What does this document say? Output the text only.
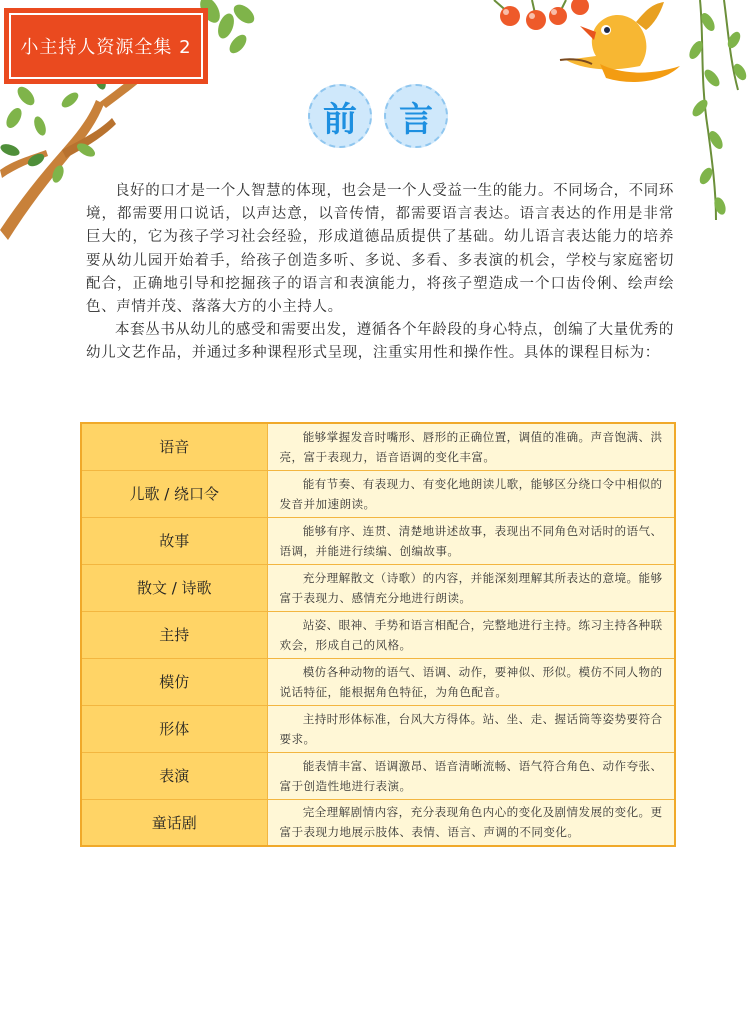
小主持人资源全集 2
前	言

良好的口才是一个人智慧的体现，也会是一个人受益一生的能力。不同场合，不同环境，都需要用口说话，以声达意，以音传情，都需要语言表达。语言表达的作用是非常巨大的，它为孩子学习社会经验，形成道德品质提供了基础。幼儿语言表达能力的培养要从幼儿园开始着手，给孩子创造多听、多说、多看、多表演的机会，学校与家庭密切配合，正确地引导和挖掘孩子的语言和表演能力，将孩子塑造成一个口齿伶俐、绘声绘色、声情并茂、落落大方的小主持人。

本套丛书从幼儿的感受和需要出发，遵循各个年龄段的身心特点，创编了大量优秀的幼儿文艺作品，并通过多种课程形式呈现，注重实用性和操作性。具体的课程目标为：

语音	能够掌握发音时嘴形、唇形的正确位置，调值的准确。声音饱满、洪亮，富于表现力，语音语调的变化丰富。
儿歌 / 绕口令	能有节奏、有表现力、有变化地朗读儿歌，能够区分绕口令中相似的发音并加速朗读。
故事	能够有序、连贯、清楚地讲述故事，表现出不同角色对话时的语气、语调，并能进行续编、创编故事。
散文 / 诗歌	充分理解散文（诗歌）的内容，并能深刻理解其所表达的意境。能够富于表现力、感情充分地进行朗读。
主持	站姿、眼神、手势和语言相配合，完整地进行主持。练习主持各种联欢会，形成自己的风格。
模仿	模仿各种动物的语气、语调、动作，要神似、形似。模仿不同人物的说话特征，能根据角色特征，为角色配音。
形体	主持时形体标准，台风大方得体。站、坐、走、握话筒等姿势要符合要求。
表演	能表情丰富、语调激昂、语音清晰流畅、语气符合角色、动作夸张、富于创造性地进行表演。
童话剧	完全理解剧情内容，充分表现角色内心的变化及剧情发展的变化。更富于表现力地展示肢体、表情、语言、声调的不同变化。
